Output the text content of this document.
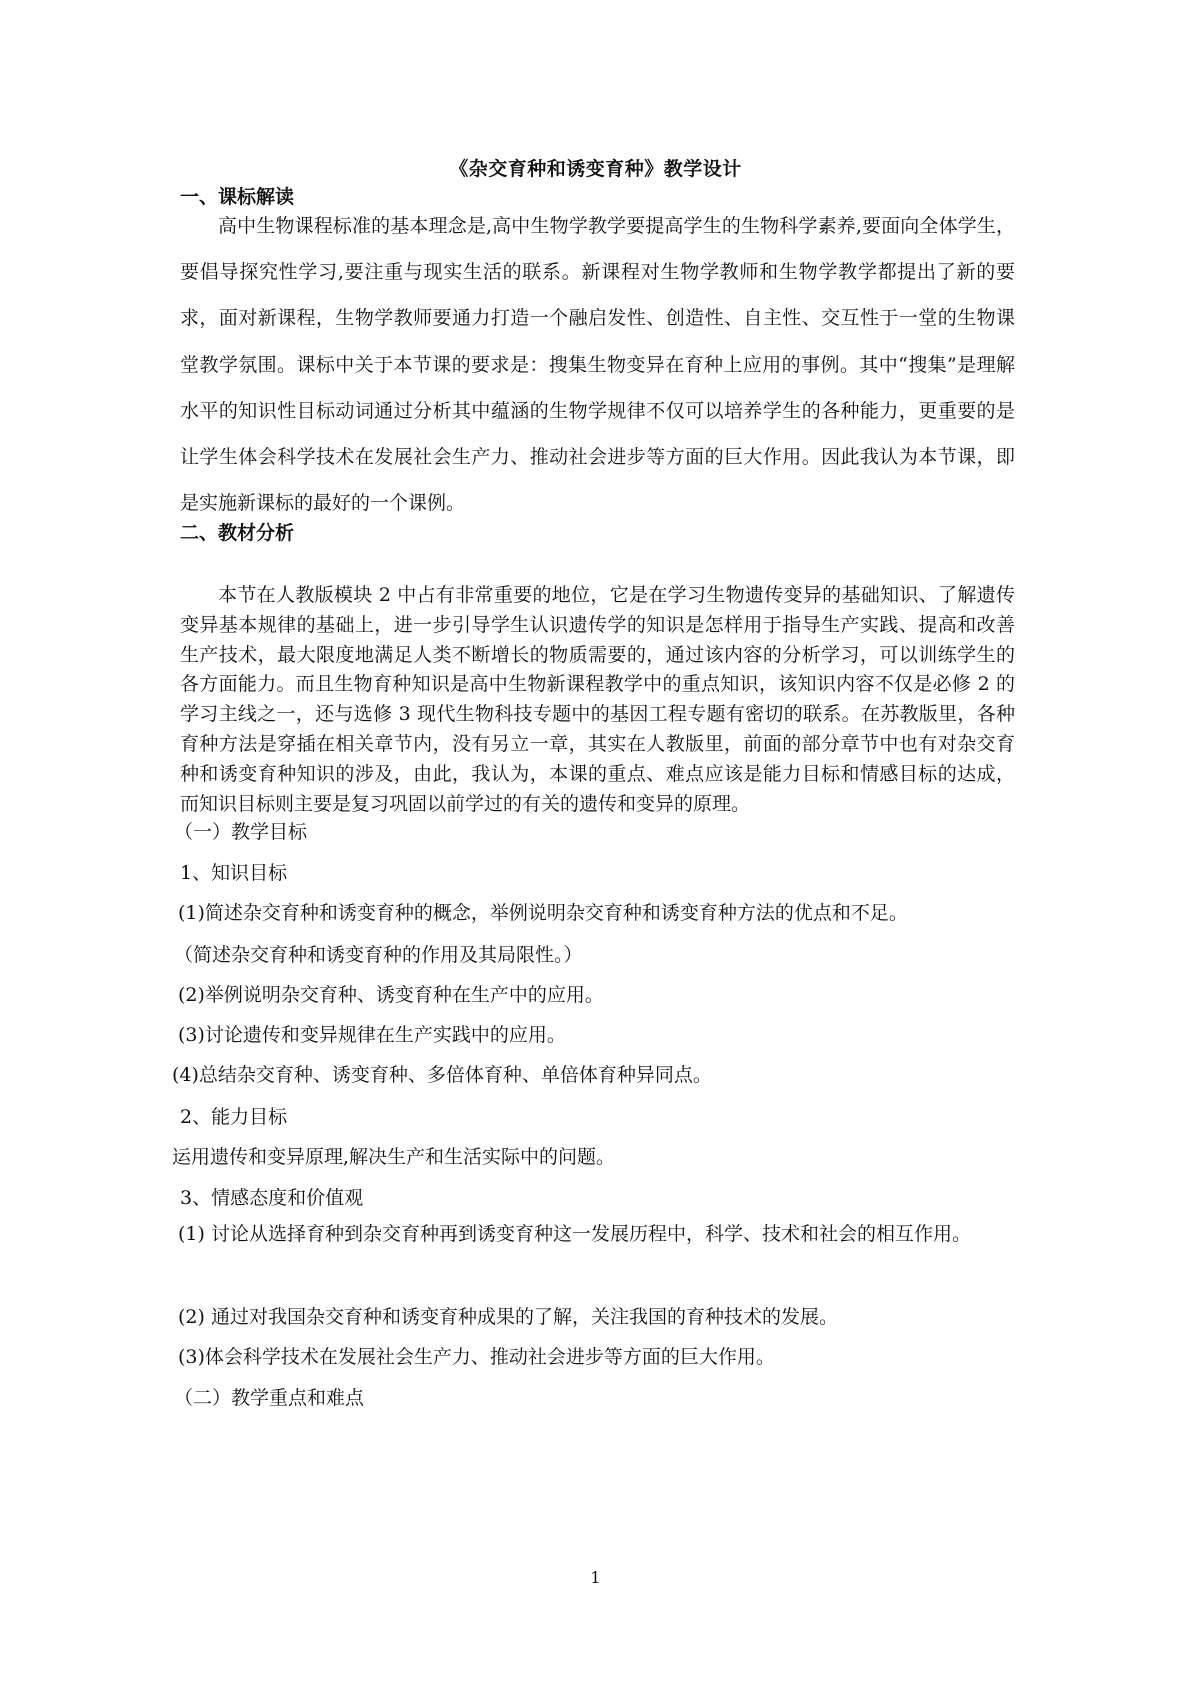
《杂交育种和诱变育种》教学设计
一、课标解读

高中生物课程标准的基本理念是,高中生物学教学要提高学生的生物科学素养,要面向全体学生，要倡导探究性学习,要注重与现实生活的联系。新课程对生物学教师和生物学教学都提出了新的要求，面对新课程，生物学教师要通力打造一个融启发性、创造性、自主性、交互性于一堂的生物课堂教学氛围。课标中关于本节课的要求是：搜集生物变异在育种上应用的事例。其中“搜集”是理解水平的知识性目标动词通过分析其中蕴涵的生物学规律不仅可以培养学生的各种能力，更重要的是让学生体会科学技术在发展社会生产力、推动社会进步等方面的巨大作用。因此我认为本节课，即是实施新课标的最好的一个课例。

二、教材分析

本节在人教版模块 2 中占有非常重要的地位，它是在学习生物遗传变异的基础知识、了解遗传变异基本规律的基础上，进一步引导学生认识遗传学的知识是怎样用于指导生产实践、提高和改善生产技术，最大限度地满足人类不断增长的物质需要的，通过该内容的分析学习，可以训练学生的各方面能力。而且生物育种知识是高中生物新课程教学中的重点知识，该知识内容不仅是必修 2 的学习主线之一，还与选修 3 现代生物科技专题中的基因工程专题有密切的联系。在苏教版里，各种育种方法是穿插在相关章节内，没有另立一章，其实在人教版里，前面的部分章节中也有对杂交育种和诱变育种知识的涉及，由此，我认为，本课的重点、难点应该是能力目标和情感目标的达成，而知识目标则主要是复习巩固以前学过的有关的遗传和变异的原理。

（一）教学目标
1、知识目标
(1)简述杂交育种和诱变育种的概念，举例说明杂交育种和诱变育种方法的优点和不足。
（简述杂交育种和诱变育种的作用及其局限性。）
(2)举例说明杂交育种、诱变育种在生产中的应用。
(3)讨论遗传和变异规律在生产实践中的应用。
(4)总结杂交育种、诱变育种、多倍体育种、单倍体育种异同点。
2、能力目标
运用遗传和变异原理,解决生产和生活实际中的问题。
3、情感态度和价值观
(1) 讨论从选择育种到杂交育种再到诱变育种这一发展历程中，科学、技术和社会的相互作用。
(2) 通过对我国杂交育种和诱变育种成果的了解，关注我国的育种技术的发展。
(3)体会科学技术在发展社会生产力、推动社会进步等方面的巨大作用。
（二）教学重点和难点
1
